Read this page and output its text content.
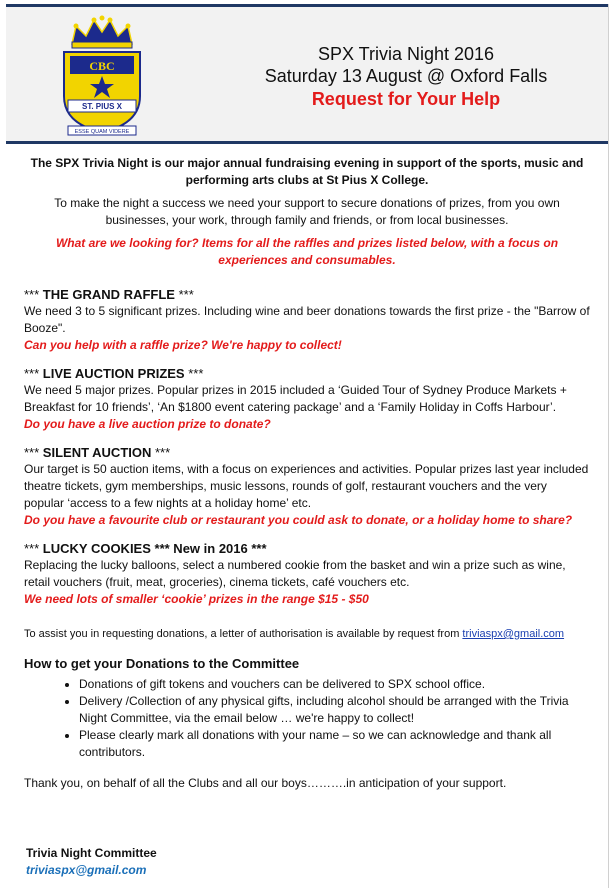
CBC
ST. PIUS X
ESSE QUAM VIDERE
SPX Trivia Night 2016
Saturday 13 August @ Oxford Falls
Request for Your Help

The SPX Trivia Night is our major annual fundraising evening in support of the sports, music and performing arts clubs at St Pius X College.

To make the night a success we need your support to secure donations of prizes, from you own businesses, your work, through family and friends, or from local businesses.

What are we looking for? Items for all the raffles and prizes listed below, with a focus on experiences and consumables.

*** THE GRAND RAFFLE ***

We need 3 to 5 significant prizes. Including wine and beer donations towards the first prize - the "Barrow of Booze".

Can you help with a raffle prize? We're happy to collect!

*** LIVE AUCTION PRIZES ***

We need 5 major prizes. Popular prizes in 2015 included a ‘Guided Tour of Sydney Produce Markets + Breakfast for 10 friends’, ‘An $1800 event catering package’ and a ‘Family Holiday in Coffs Harbour’.

Do you have a live auction prize to donate?

*** SILENT AUCTION ***

Our target is 50 auction items, with a focus on experiences and activities. Popular prizes last year included theatre tickets, gym memberships, music lessons, rounds of golf, restaurant vouchers and the very popular ‘access to a few nights at a holiday home’ etc.

Do you have a favourite club or restaurant you could ask to donate, or a holiday home to share?

*** LUCKY COOKIES *** New in 2016 ***

Replacing the lucky balloons, select a numbered cookie from the basket and win a prize such as wine, retail vouchers (fruit, meat, groceries), cinema tickets, café vouchers etc.

We need lots of smaller ‘cookie’ prizes in the range $15 - $50

To assist you in requesting donations, a letter of authorisation is available by request from triviaspx@gmail.com

How to get your Donations to the Committee
• Donations of gift tokens and vouchers can be delivered to SPX school office.
• Delivery /Collection of any physical gifts, including alcohol should be arranged with the Trivia Night Committee, via the email below … we're happy to collect!
• Please clearly mark all donations with your name – so we can acknowledge and thank all contributors.

Thank you, on behalf of all the Clubs and all our boys……….in anticipation of your support.

Trivia Night Committee
triviaspx@gmail.com
